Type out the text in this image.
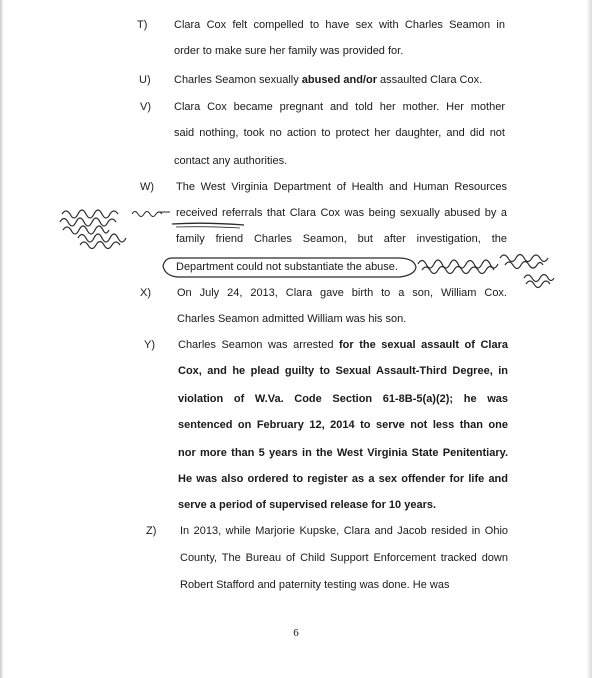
T) Clara Cox felt compelled to have sex with Charles Seamon in
order to make sure her family was provided for.
U) Charles Seamon sexually abused and/or assaulted Clara Cox.
V) Clara Cox became pregnant and told her mother. Her mother
said nothing, took no action to protect her daughter, and did not
contact any authorities.
W) The West Virginia Department of Health and Human Resources
received referrals that Clara Cox was being sexually abused by a
family friend Charles Seamon, but after investigation, the
Department could not substantiate the abuse.
X) On July 24, 2013, Clara gave birth to a son, William Cox.
Charles Seamon admitted William was his son.
Y) Charles Seamon was arrested for the sexual assault of Clara
Cox, and he plead guilty to Sexual Assault-Third Degree, in
violation of W.Va. Code Section 61-8B-5(a)(2); he was
sentenced on February 12, 2014 to serve not less than one
nor more than 5 years in the West Virginia State Penitentiary.
He was also ordered to register as a sex offender for life and
serve a period of supervised release for 10 years.
Z) In 2013, while Marjorie Kupske, Clara and Jacob resided in Ohio
County, The Bureau of Child Support Enforcement tracked down
Robert Stafford and paternity testing was done. He was
6
